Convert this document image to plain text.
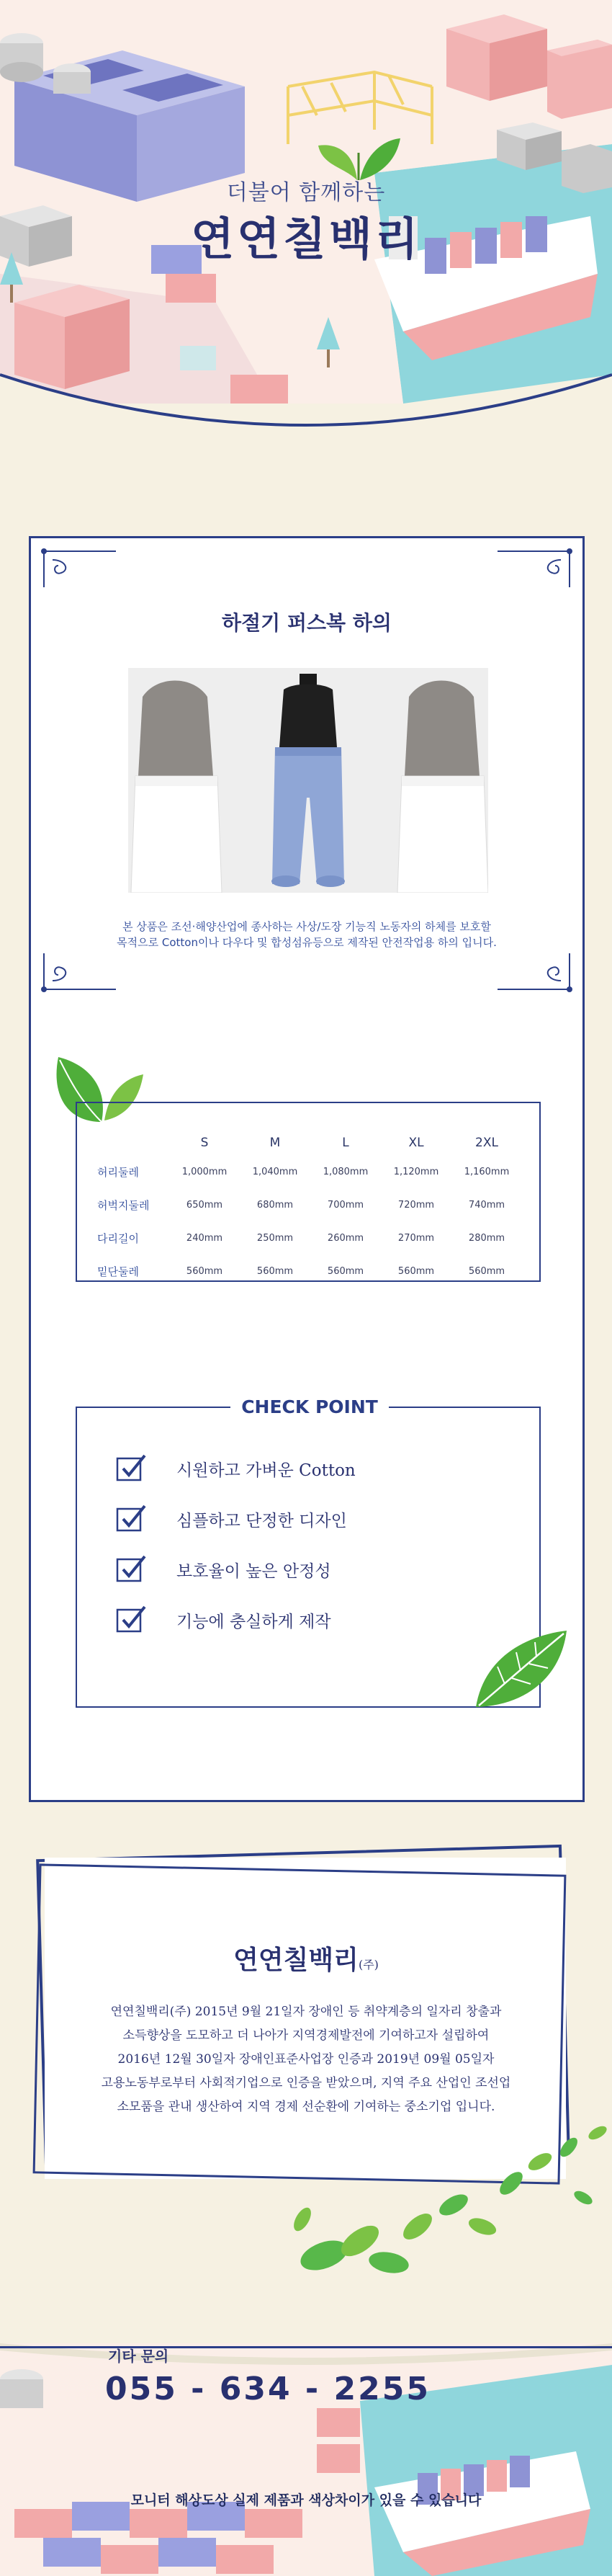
더불어 함께하는
연연칠백리
하절기 퍼스복 하의
본 상품은 조선·해양산업에 종사하는 사상/도장 기능직 노동자의 하체를 보호할
목적으로 Cotton이나 다우다 및 합성섬유등으로 제작된 안전작업용 하의 입니다.
	S	M	L	XL	2XL
허리둘레	1,000mm	1,040mm	1,080mm	1,120mm	1,160mm
허벅지둘레	650mm	680mm	700mm	720mm	740mm
다리길이	240mm	250mm	260mm	270mm	280mm
밑단둘레	560mm	560mm	560mm	560mm	560mm
CHECK POINT
시원하고 가벼운 Cotton
심플하고 단정한 디자인
보호율이 높은 안정성
기능에 충실하게 제작
연연칠백리(주)
연연칠백리(주) 2015년 9월 21일자 장애인 등 취약계층의 일자리 창출과
소득향상을 도모하고 더 나아가 지역경제발전에 기여하고자 설립하여
2016년 12월 30일자 장애인표준사업장 인증과 2019년 09월 05일자
고용노동부로부터 사회적기업으로 인증을 받았으며, 지역 주요 산업인 조선업
소모품을 관내 생산하여 지역 경제 선순환에 기여하는 중소기업 입니다.
기타 문의
055 - 634 - 2255
모니터 해상도상 실제 제품과 색상차이가 있을 수 있습니다
